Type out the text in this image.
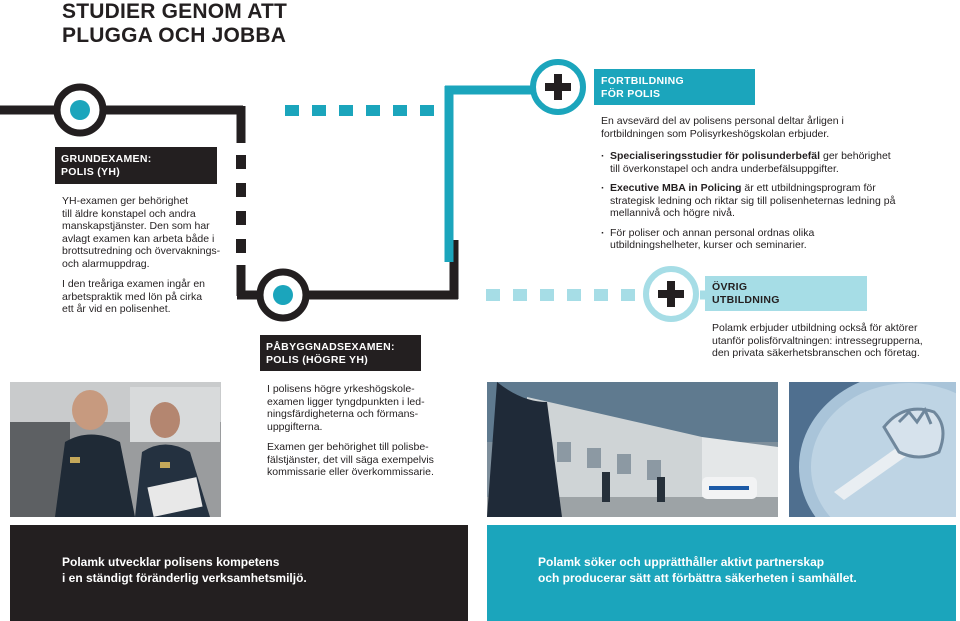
STUDIER GENOM ATT
PLUGGA OCH JOBBA
GRUNDEXAMEN:
POLIS (YH)

YH-examen ger behörighet
till äldre konstapel och andra
manskapstjänster. Den som har
avlagt examen kan arbeta både i
brottsutredning och övervaknings-
och alarmuppdrag.

I den treåriga examen ingår en
arbetspraktik med lön på cirka
ett år vid en polisenhet.

PÅBYGGNADSEXAMEN:
POLIS (HÖGRE YH)

I polisens högre yrkeshögskole-
examen ligger tyngdpunkten i led-
ningsfärdigheterna och förmans-
uppgifterna.

Examen ger behörighet till polisbe-
fälstjänster, det vill säga exempelvis
kommissarie eller överkommissarie.

FORTBILDNING
FÖR POLIS

En avsevärd del av polisens personal deltar årligen i
fortbildningen som Polisyrkeshögskolan erbjuder.

· Specialiseringsstudier för polisunderbefäl ger behörighet till överkonstapel och andra underbefälsuppgifter.
· Executive MBA in Policing är ett utbildningsprogram för strategisk ledning och riktar sig till polisenheternas ledning på mellannivå och högre nivå.
· För poliser och annan personal ordnas olika utbildningshelheter, kurser och seminarier.
ÖVRIG
UTBILDNING
Polamk erbjuder utbildning också för aktörer
utanför polisförvaltningen: intressegrupperna,
den privata säkerhetsbranschen och företag.
Polamk utvecklar polisens kompetens
i en ständigt föränderlig verksamhetsmiljö.
Polamk söker och upprätthåller aktivt partnerskap
och producerar sätt att förbättra säkerheten i samhället.
